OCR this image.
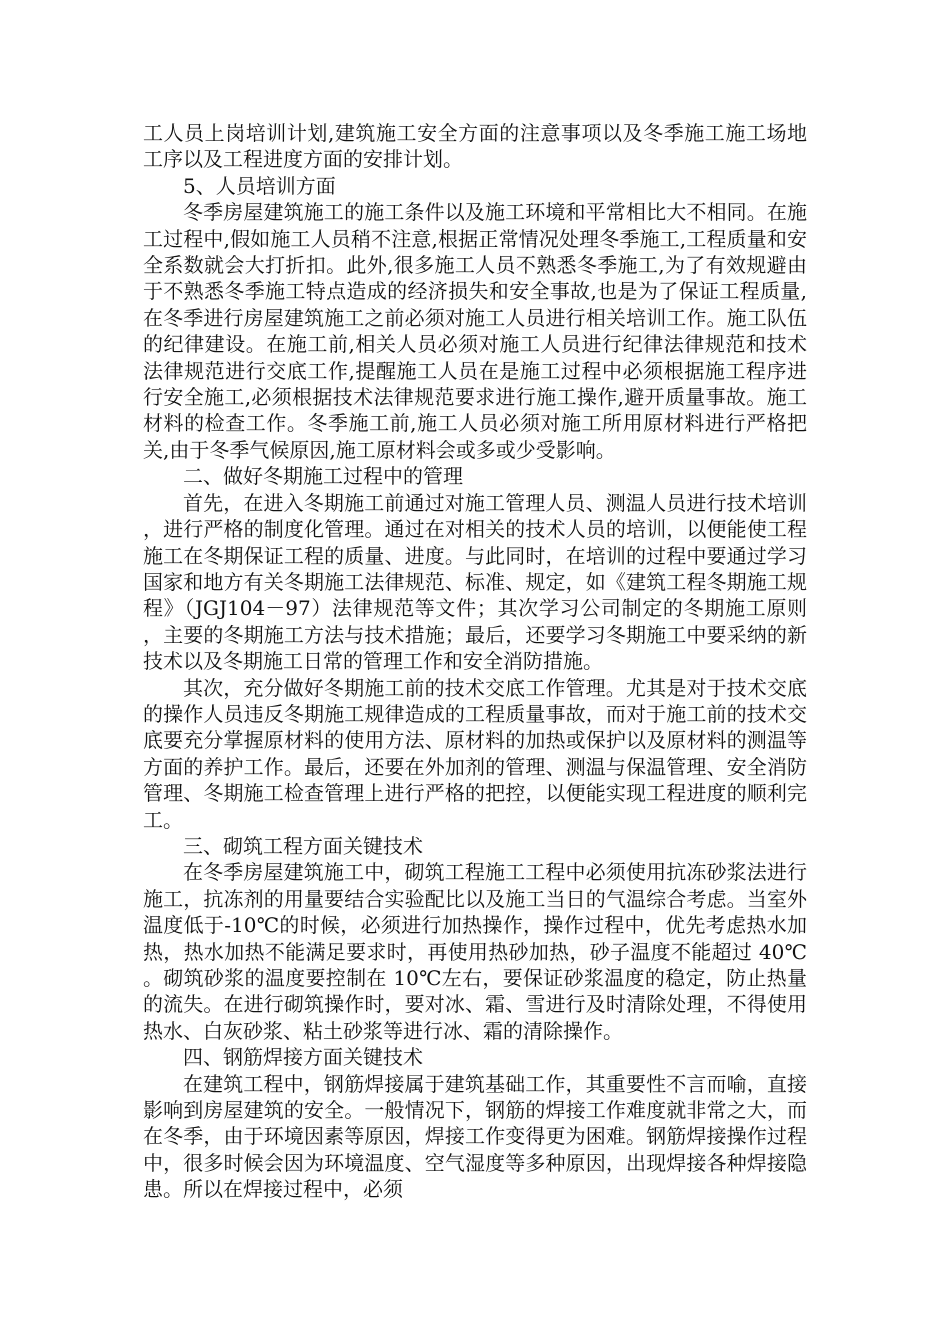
工人员上岗培训计划,建筑施工安全方面的注意事项以及冬季施工施工场地工序以及工程进度方面的安排计划。

5、人员培训方面

冬季房屋建筑施工的施工条件以及施工环境和平常相比大不相同。在施工过程中,假如施工人员稍不注意,根据正常情况处理冬季施工,工程质量和安全系数就会大打折扣。此外,很多施工人员不熟悉冬季施工,为了有效规避由于不熟悉冬季施工特点造成的经济损失和安全事故,也是为了保证工程质量,在冬季进行房屋建筑施工之前必须对施工人员进行相关培训工作。施工队伍的纪律建设。在施工前,相关人员必须对施工人员进行纪律法律规范和技术法律规范进行交底工作,提醒施工人员在是施工过程中必须根据施工程序进行安全施工,必须根据技术法律规范要求进行施工操作,避开质量事故。施工材料的检查工作。冬季施工前,施工人员必须对施工所用原材料进行严格把关,由于冬季气候原因,施工原材料会或多或少受影响。

二、做好冬期施工过程中的管理

首先，在进入冬期施工前通过对施工管理人员、测温人员进行技术培训，进行严格的制度化管理。通过在对相关的技术人员的培训，以便能使工程施工在冬期保证工程的质量、进度。与此同时，在培训的过程中要通过学习国家和地方有关冬期施工法律规范、标准、规定，如《建筑工程冬期施工规程》（JGJ104－97）法律规范等文件；其次学习公司制定的冬期施工原则，主要的冬期施工方法与技术措施；最后，还要学习冬期施工中要采纳的新技术以及冬期施工日常的管理工作和安全消防措施。

其次，充分做好冬期施工前的技术交底工作管理。尤其是对于技术交底的操作人员违反冬期施工规律造成的工程质量事故，而对于施工前的技术交底要充分掌握原材料的使用方法、原材料的加热或保护以及原材料的测温等方面的养护工作。最后，还要在外加剂的管理、测温与保温管理、安全消防管理、冬期施工检查管理上进行严格的把控，以便能实现工程进度的顺利完工。

三、砌筑工程方面关键技术

在冬季房屋建筑施工中，砌筑工程施工工程中必须使用抗冻砂浆法进行施工，抗冻剂的用量要结合实验配比以及施工当日的气温综合考虑。当室外温度低于-10℃的时候，必须进行加热操作，操作过程中，优先考虑热水加热，热水加热不能满足要求时，再使用热砂加热，砂子温度不能超过 40℃。砌筑砂浆的温度要控制在 10℃左右，要保证砂浆温度的稳定，防止热量的流失。在进行砌筑操作时，要对冰、霜、雪进行及时清除处理，不得使用热水、白灰砂浆、粘土砂浆等进行冰、霜的清除操作。

四、钢筋焊接方面关键技术

在建筑工程中，钢筋焊接属于建筑基础工作，其重要性不言而喻，直接影响到房屋建筑的安全。一般情况下，钢筋的焊接工作难度就非常之大，而在冬季，由于环境因素等原因，焊接工作变得更为困难。钢筋焊接操作过程中，很多时候会因为环境温度、空气湿度等多种原因，出现焊接各种焊接隐患。所以在焊接过程中，必须
